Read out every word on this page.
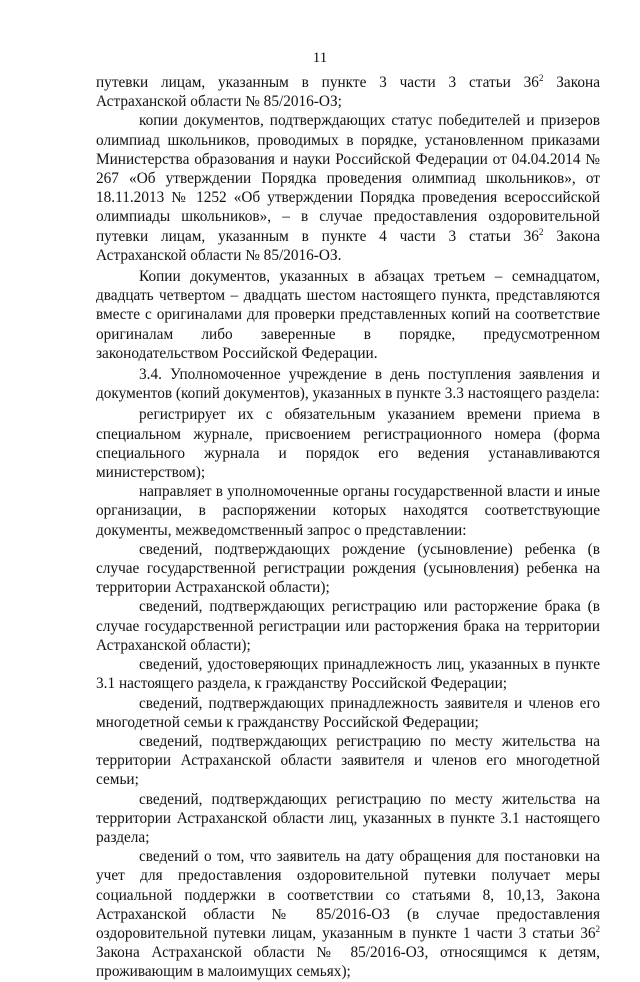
11

путевки лицам, указанным в пункте 3 части 3 статьи $36^2$ Закона Астраханской области № 85/2016-ОЗ;

копии документов, подтверждающих статус победителей и призеров олимпиад школьников, проводимых в порядке, установленном приказами Министерства образования и науки Российской Федерации от 04.04.2014 № 267 «Об утверждении Порядка проведения олимпиад школьников», от 18.11.2013 № 1252 «Об утверждении Порядка проведения всероссийской олимпиады школьников», – в случае предоставления оздоровительной путевки лицам, указанным в пункте 4 части 3 статьи $36^2$ Закона Астраханской области № 85/2016-ОЗ.

Копии документов, указанных в абзацах третьем – семнадцатом, двадцать четвертом – двадцать шестом настоящего пункта, представляются вместе с оригиналами для проверки представленных копий на соответствие оригиналам либо заверенные в порядке, предусмотренном законодательством Российской Федерации.

3.4. Уполномоченное учреждение в день поступления заявления и документов (копий документов), указанных в пункте 3.3 настоящего раздела:

регистрирует их с обязательным указанием времени приема в специальном журнале, присвоением регистрационного номера (форма специального журнала и порядок его ведения устанавливаются министерством);

направляет в уполномоченные органы государственной власти и иные организации, в распоряжении которых находятся соответствующие документы, межведомственный запрос о представлении:

сведений, подтверждающих рождение (усыновление) ребенка (в случае государственной регистрации рождения (усыновления) ребенка на территории Астраханской области);

сведений, подтверждающих регистрацию или расторжение брака (в случае государственной регистрации или расторжения брака на территории Астраханской области);

сведений, удостоверяющих принадлежность лиц, указанных в пункте 3.1 настоящего раздела, к гражданству Российской Федерации;

сведений, подтверждающих принадлежность заявителя и членов его многодетной семьи к гражданству Российской Федерации;

сведений, подтверждающих регистрацию по месту жительства на территории Астраханской области заявителя и членов его многодетной семьи;

сведений, подтверждающих регистрацию по месту жительства на территории Астраханской области лиц, указанных в пункте 3.1 настоящего раздела;

сведений о том, что заявитель на дату обращения для постановки на учет для предоставления оздоровительной путевки получает меры социальной поддержки в соответствии со статьями 8, 10,13, Закона Астраханской области № 85/2016-ОЗ (в случае предоставления оздоровительной путевки лицам, указанным в пункте 1 части 3 статьи $36^2$ Закона Астраханской области № 85/2016-ОЗ, относящимся к детям, проживающим в малоимущих семьях);
